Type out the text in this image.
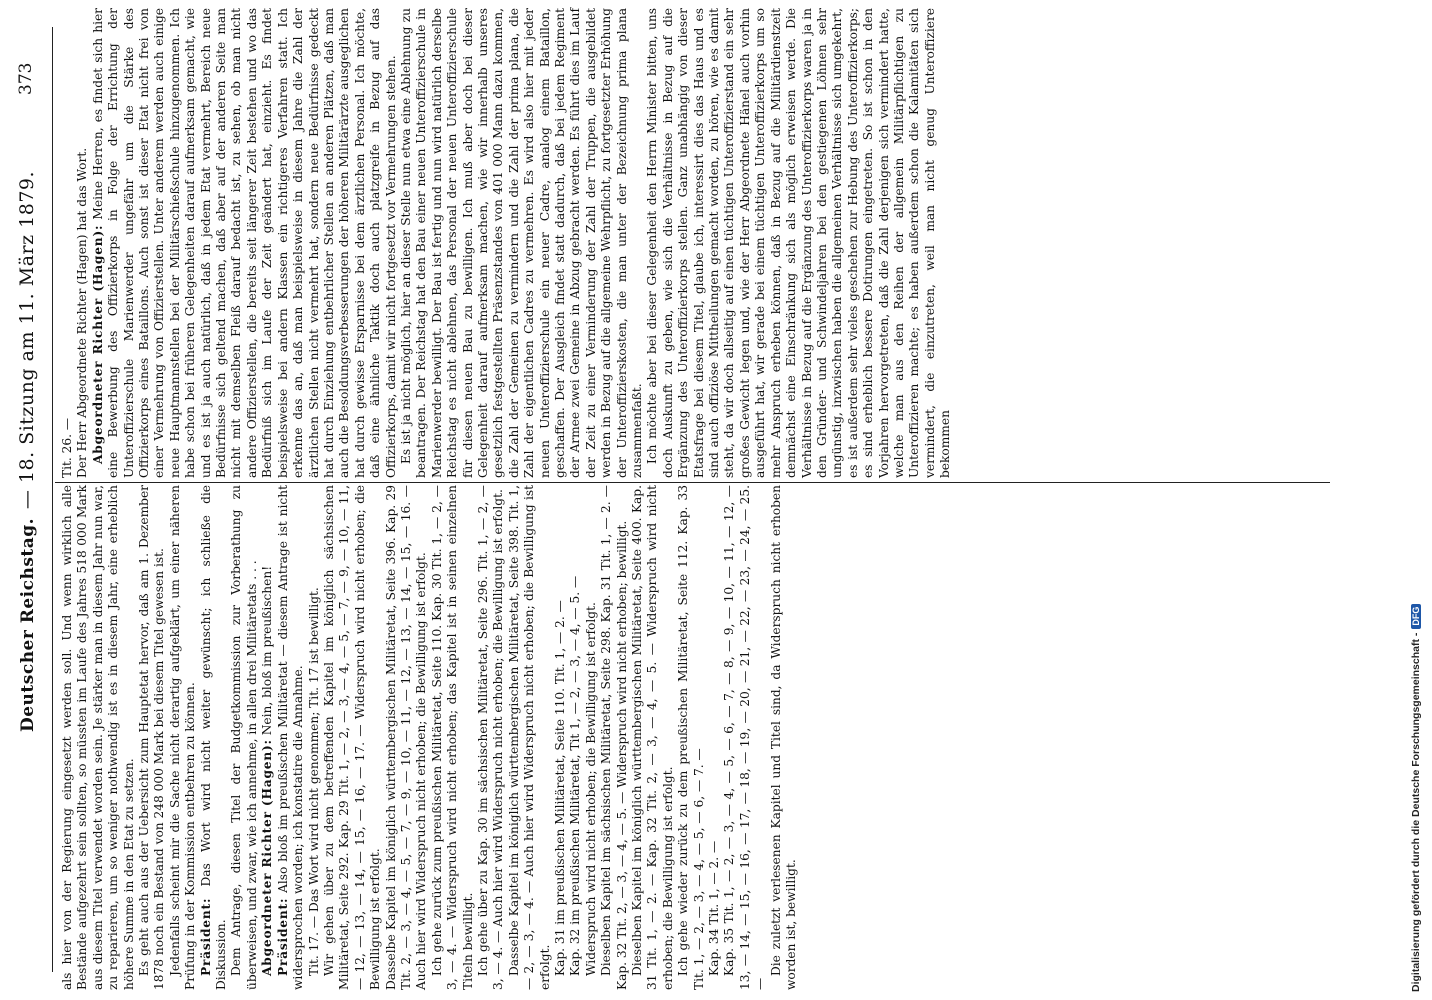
Deutscher Reichstag.
— 18. Sitzung am 11. März 1879.
373

als hier von der Regierung eingesetzt werden soll. Und wenn wirklich alle Bestände aufgezehrt sein sollten, so müssten im Laufe des Jahres 518 000 Mark aus diesem Titel verwendet worden sein. Je stärker man in diesem Jahr nun war, zu reparieren, um so weniger nothwendig ist es in diesem Jahr, eine erheblich höhere Summe in den Etat zu setzen. Es geht auch aus der Uebersicht zum Hauptetat hervor, daß am 1. Dezember 1878 noch ein Bestand von 248 000 Mark bei diesem Titel gewesen ist. Jedenfalls scheint mir die Sache nicht derartig aufgeklärt, um einer näheren Prüfung in der Kommission entbehren zu können. Präsident: Das Wort wird nicht weiter gewünscht; ich schließe die Diskussion. Dem Antrage, diesen Titel der Budgetkommission zur Vorberathung zu überweisen, und zwar, wie ich annehme, in allen drei Militäretats . . . Abgeordneter Richter (Hagen): Nein, bloß im preußischen!

Präsident: Also bloß im preußischen Militäretat — diesem Antrage ist nicht widersprochen worden; ich konstatire die Annahme. Tit. 17. — Das Wort wird nicht genommen; Tit. 17 ist bewilligt. Wir gehen über zu dem betreffenden Kapitel im königlich sächsischen Militäretat, Seite 292. Kap. 29 Tit. 1, — 2, — 3, — 4, — 5, — 7, — 9, — 10, — 11, — 12, — 13, — 14, — 15, — 16, — 17. — Widerspruch wird nicht erhoben; die Bewilligung ist erfolgt. Dasselbe Kapitel im königlich württembergischen Militäretat, Seite 396. Kap. 29 Tit. 2, — 3, — 4, — 5, — 7, — 9, — 10, — 11, — 12, — 13, — 14, — 15, — 16. — Auch hier wird Widerspruch nicht erhoben; die Bewilligung ist erfolgt. Ich gehe zurück zum preußischen Militäretat, Seite 110. Kap. 30 Tit. 1, — 2, — 3, — 4. — Widerspruch wird nicht erhoben; das Kapitel ist in seinen einzelnen Titeln bewilligt. Ich gehe über zu Kap. 30 im sächsischen Militäretat, Seite 296. Tit. 1, — 2, — 3, — 4. — Auch hier wird Widerspruch nicht erhoben; die Bewilligung ist erfolgt. Dasselbe Kapitel im königlich württembergischen Militäretat, Seite 398. Tit. 1, — 2, — 3, — 4. — Auch hier wird Widerspruch nicht erhoben; die Bewilligung ist erfolgt. Kap. 31 im preußischen Militäretat, Seite 110. Tit. 1, — 2. — Kap. 32 im preußischen Militäretat, Tit 1, — 2, — 3, — 4, — 5. — Widerspruch wird nicht erhoben; die Bewilligung ist erfolgt. Dieselben Kapitel im sächsischen Militäretat, Seite 298. Kap. 31 Tit. 1, — 2. — Kap. 32 Tit. 2, — 3, — 4, — 5. — Widerspruch wird nicht erhoben; bewilligt. Dieselben Kapitel im königlich württembergischen Militäretat, Seite 400. Kap. 31 Tit. 1, — 2. — Kap. 32 Tit. 2, — 3, — 4, — 5. — Widerspruch wird nicht erhoben; die Bewilligung ist erfolgt. Ich gehe wieder zurück zu dem preußischen Militäretat, Seite 112. Kap. 33 Tit. 1, — 2, — 3, — 4, — 5, — 6, — 7. — Kap. 34 Tit. 1, — 2. — Kap. 35 Tit. 1, — 2, — 3, — 4, — 5, — 6, — 7, — 8, — 9, — 10, — 11, — 12, — 13, — 14, — 15, — 16, — 17, — 18, — 19, — 20, — 21, — 22, — 23, — 24, — 25. —

Die zuletzt verlesenen Kapitel und Titel sind, da Widerspruch nicht erhoben worden ist, bewilligt.

Tit. 26. — Der Herr Abgeordnete Richter (Hagen) hat das Wort. Abgeordneter Richter (Hagen): Meine Herren, es findet sich hier eine Bewerbung des Offizierkorps in Folge der Errichtung der Unteroffizierschule Marienwerder ungefähr um die Stärke des Offizierkorps eines Bataillons. Auch sonst ist dieser Etat nicht frei von einer Vermehrung von Offizierstellen. Unter anderem werden auch einige neue Hauptmannstellen bei der Militärschießschule hinzugenommen. Ich habe schon bei früheren Gelegenheiten darauf aufmerksam gemacht, wie und es ist ja auch natürlich, daß in jedem Etat vermehrt, Bereich neue Bedürfnisse sich geltend machen, daß aber auf der anderen Seite man nicht mit demselben Fleiß darauf bedacht ist, zu sehen, ob man nicht andere Offizierstellen, die bereits seit längerer Zeit bestehen und wo das Bedürfniß sich im Laufe der Zeit geändert hat, einzieht. Es findet beispielsweise bei andern Klassen ein richtigeres Verfahren statt. Ich erkenne das an, daß man beispielsweise in diesem Jahre die Zahl der ärztlichen Stellen nicht vermehrt hat, sondern neue Bedürfnisse gedeckt hat durch Einziehung entbehrlicher Stellen an anderen Plätzen, daß man auch die Besoldungsverbesserungen der höheren Militärärzte ausgeglichen hat durch gewisse Ersparnisse bei dem ärztlichen Personal. Ich möchte, daß eine ähnliche Taktik doch auch platzgreife in Bezug auf das Offizierkorps, damit wir nicht fortgesetzt vor Vermehrungen stehen. Es ist ja nicht möglich, hier an dieser Stelle nun etwa eine Ablehnung zu beantragen. Der Reichstag hat den Bau einer neuen Unteroffizierschule in Marienwerder bewilligt. Der Bau ist fertig und nun wird natürlich derselbe Reichstag es nicht ablehnen, das Personal der neuen Unteroffizierschule für diesen neuen Bau zu bewilligen. Ich muß aber doch bei dieser Gelegenheit darauf aufmerksam machen, wie wir innerhalb unseres gesetzlich festgestellten Präsenzstandes von 401 000 Mann dazu kommen, die Zahl der Gemeinen zu vermindern und die Zahl der prima plana, die Zahl der eigentlichen Cadres zu vermehren. Es wird also hier mit jeder neuen Unteroffizierschule ein neuer Cadre, analog einem Bataillon, geschaffen. Der Ausgleich findet statt dadurch, daß bei jedem Regiment der Armee zwei Gemeine in Abzug gebracht werden. Es führt dies im Lauf der Zeit zu einer Verminderung der Zahl der Truppen, die ausgebildet werden in Bezug auf die allgemeine Wehrpflicht, zu fortgesetzter Erhöhung der Unteroffizierskosten, die man unter der Bezeichnung prima plana zusammenfaßt. Ich möchte aber bei dieser Gelegenheit den Herrn Minister bitten, uns doch Auskunft zu geben, wie sich die Verhältnisse in Bezug auf die Ergänzung des Unteroffizierkorps stellen. Ganz unabhängig von dieser Etatsfrage bei diesem Titel, glaube ich, interessirt dies das Haus und es sind auch offiziöse Mittheilungen gemacht worden, zu hören, wie es damit steht, da wir doch allseitig auf einen tüchtigen Unteroffizierstand ein sehr großes Gewicht legen und, wie der Herr Abgeordnete Hänel auch vorhin ausgeführt hat, wir gerade bei einem tüchtigen Unteroffizierkorps um so mehr Anspruch erheben können, daß in Bezug auf die Militärdienstzeit demnächst eine Einschränkung sich als möglich erweisen werde. Die Verhältnisse in Bezug auf die Ergänzung des Unteroffizierkorps waren ja in den Gründer- und Schwindeljahren bei den gestiegenen Löhnen sehr ungünstig, inzwischen haben die allgemeinen Verhältnisse sich umgekehrt, es ist außerdem sehr vieles geschehen zur Hebung des Unteroffizierkorps; es sind erheblich bessere Dotirungen eingetreten. So ist schon in den Vorjahren hervorgetreten, daß die Zahl derjenigen sich vermindert hatte, welche man aus den Reihen der allgemein Militärpflichtigen zu Unteroffizieren machte; es haben außerdem schon die Kalamitäten sich vermindert, die einzutreten, weil man nicht genug Unteroffiziere bekommen

Digitalisierung gefördert durch die Deutsche Forschungsgemeinschaft -DFG
